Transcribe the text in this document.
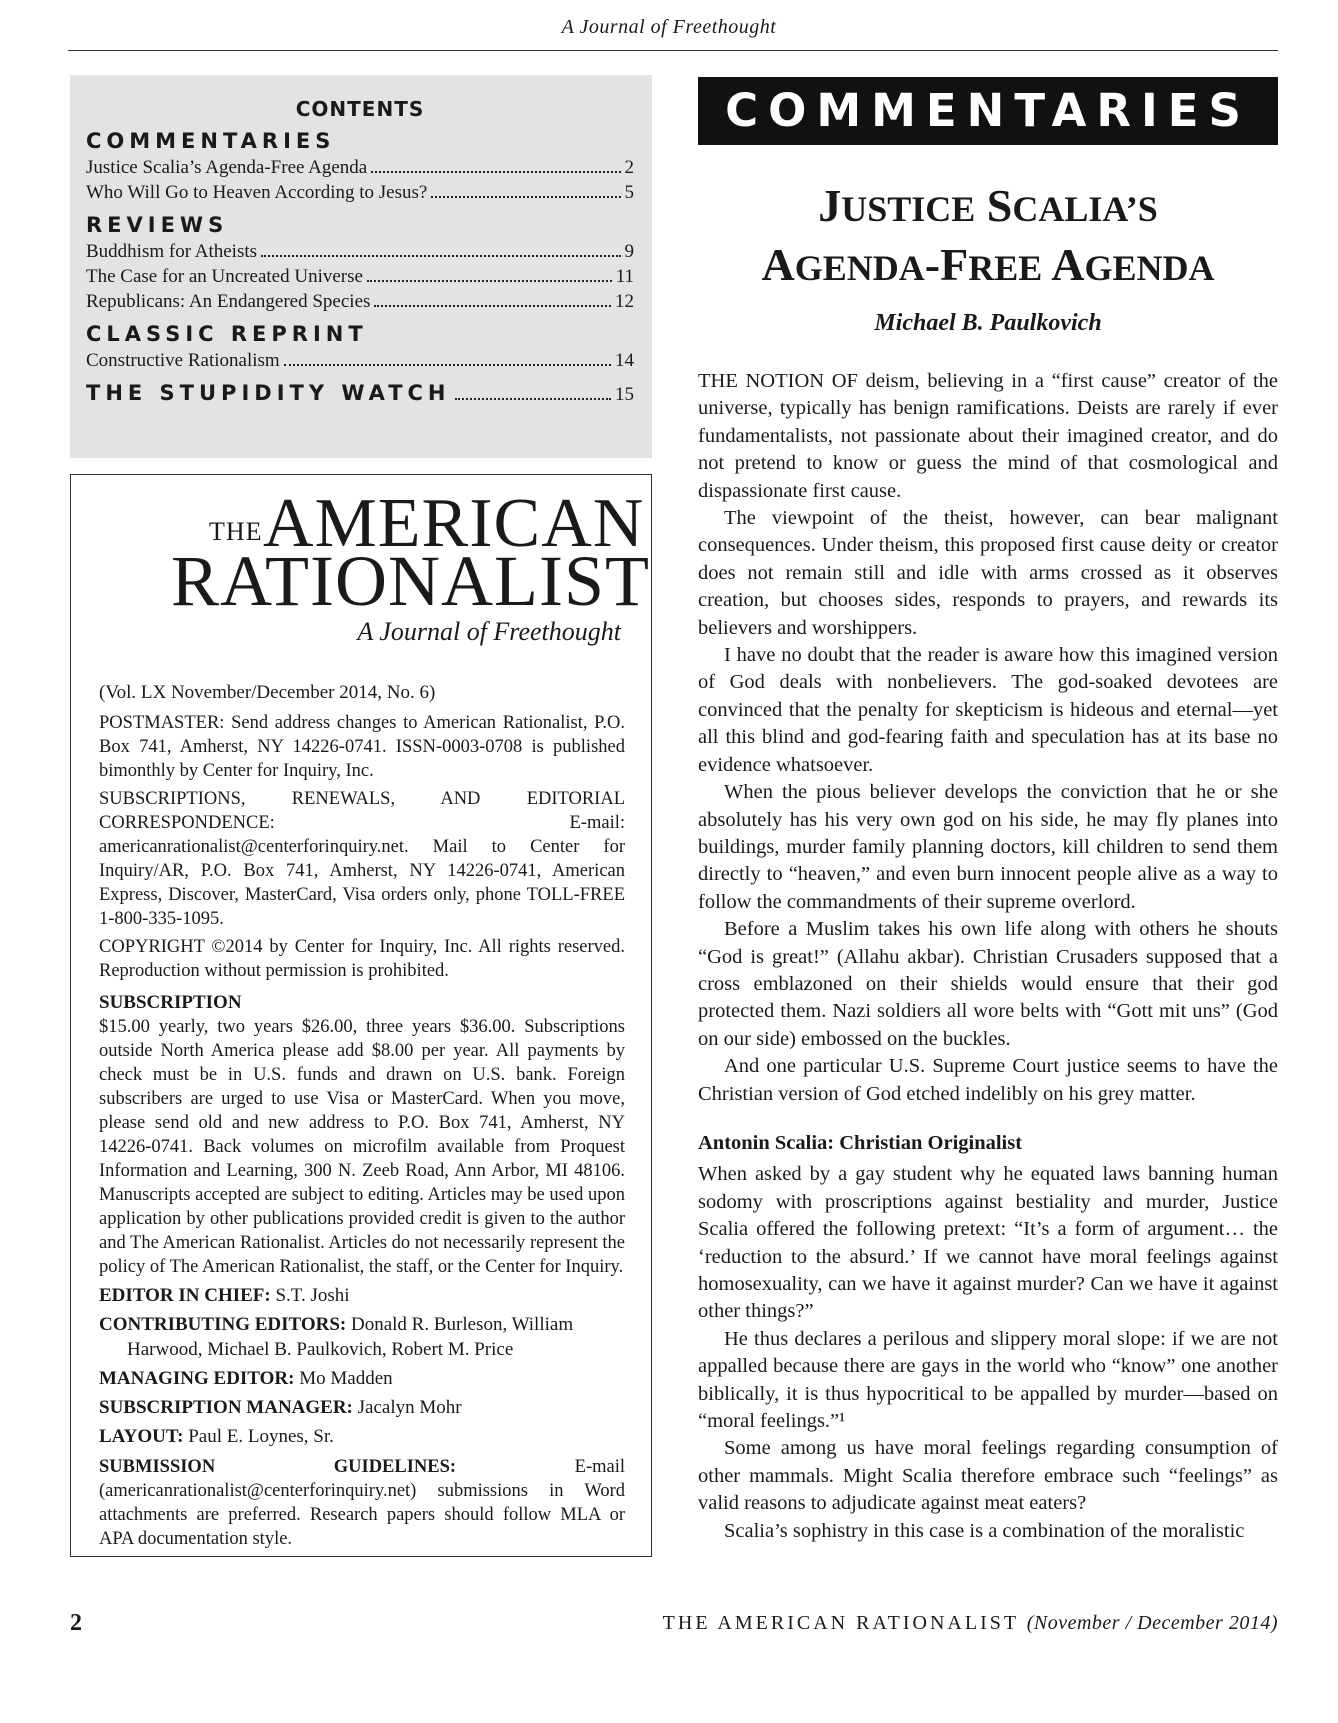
A Journal of Freethought
CONTENTS
COMMENTARIES
Justice Scalia’s Agenda-Free Agenda	2
Who Will Go to Heaven According to Jesus?	5
REVIEWS
Buddhism for Atheists	9
The Case for an Uncreated Universe	11
Republicans: An Endangered Species	12
CLASSIC REPRINT
Constructive Rationalism	14
THE STUPIDITY WATCH	15
THE AMERICAN
RATIONALIST
A Journal of Freethought

(Vol. LX November/December 2014, No. 6)

POSTMASTER: Send address changes to American Rationalist, P.O. Box 741, Amherst, NY 14226-0741. ISSN-0003-0708 is published bimonthly by Center for Inquiry, Inc.

SUBSCRIPTIONS, RENEWALS, AND EDITORIAL CORRESPONDENCE: E-mail: americanrationalist@centerforinquiry.net. Mail to Center for Inquiry/AR, P.O. Box 741, Amherst, NY 14226-0741, American Express, Discover, MasterCard, Visa orders only, phone TOLL-FREE 1-800-335-1095.

COPYRIGHT ©2014 by Center for Inquiry, Inc. All rights reserved. Reproduction without permission is prohibited.

SUBSCRIPTION

$15.00 yearly, two years $26.00, three years $36.00. Subscriptions outside North America please add $8.00 per year. All payments by check must be in U.S. funds and drawn on U.S. bank. Foreign subscribers are urged to use Visa or MasterCard. When you move, please send old and new address to P.O. Box 741, Amherst, NY 14226-0741. Back volumes on microfilm available from Proquest Information and Learning, 300 N. Zeeb Road, Ann Arbor, MI 48106. Manuscripts accepted are subject to editing. Articles may be used upon application by other publications provided credit is given to the author and The American Rationalist. Articles do not necessarily represent the policy of The American Rationalist, the staff, or the Center for Inquiry.

EDITOR IN CHIEF: S.T. Joshi
CONTRIBUTING EDITORS: Donald R. Burleson, William
Harwood, Michael B. Paulkovich, Robert M. Price
MANAGING EDITOR: Mo Madden
SUBSCRIPTION MANAGER: Jacalyn Mohr
LAYOUT: Paul E. Loynes, Sr.

SUBMISSION GUIDELINES:	E-mail (americanrationalist@centerforinquiry.net) submissions in Word attachments are preferred. Research papers should follow MLA or APA documentation style.

COMMENTARIES
JUSTICE SCALIA’S
AGENDA-FREE AGENDA
Michael B. Paulkovich

THE NOTION OF deism, believing in a “first cause” creator of the universe, typically has benign ramifications. Deists are rarely if ever fundamentalists, not passionate about their imagined creator, and do not pretend to know or guess the mind of that cosmological and dispassionate first cause.

The viewpoint of the theist, however, can bear malignant consequences. Under theism, this proposed first cause deity or creator does not remain still and idle with arms crossed as it observes creation, but chooses sides, responds to prayers, and rewards its believers and worshippers.

I have no doubt that the reader is aware how this imagined version of God deals with nonbelievers. The god-soaked devotees are convinced that the penalty for skepticism is hideous and eternal—yet all this blind and god-fearing faith and speculation has at its base no evidence whatsoever.

When the pious believer develops the conviction that he or she absolutely has his very own god on his side, he may fly planes into buildings, murder family planning doctors, kill children to send them directly to “heaven,” and even burn innocent people alive as a way to follow the commandments of their supreme overlord.

Before a Muslim takes his own life along with others he shouts “God is great!” (Allahu akbar). Christian Crusaders supposed that a cross emblazoned on their shields would ensure that their god protected them. Nazi soldiers all wore belts with “Gott mit uns” (God on our side) embossed on the buckles.

And one particular U.S. Supreme Court justice seems to have the Christian version of God etched indelibly on his grey matter.

Antonin Scalia: Christian Originalist

When asked by a gay student why he equated laws banning human sodomy with proscriptions against bestiality and murder, Justice Scalia offered the following pretext: “It’s a form of argument… the ‘reduction to the absurd.’ If we cannot have moral feelings against homosexuality, can we have it against murder? Can we have it against other things?”

He thus declares a perilous and slippery moral slope: if we are not appalled because there are gays in the world who “know” one another biblically, it is thus hypocritical to be appalled by murder—based on “moral feelings.”¹

Some among us have moral feelings regarding consumption of other mammals. Might Scalia therefore embrace such “feelings” as valid reasons to adjudicate against meat eaters?

Scalia’s sophistry in this case is a combination of the moralistic

2	THE AMERICAN RATIONALIST (November / December 2014)
